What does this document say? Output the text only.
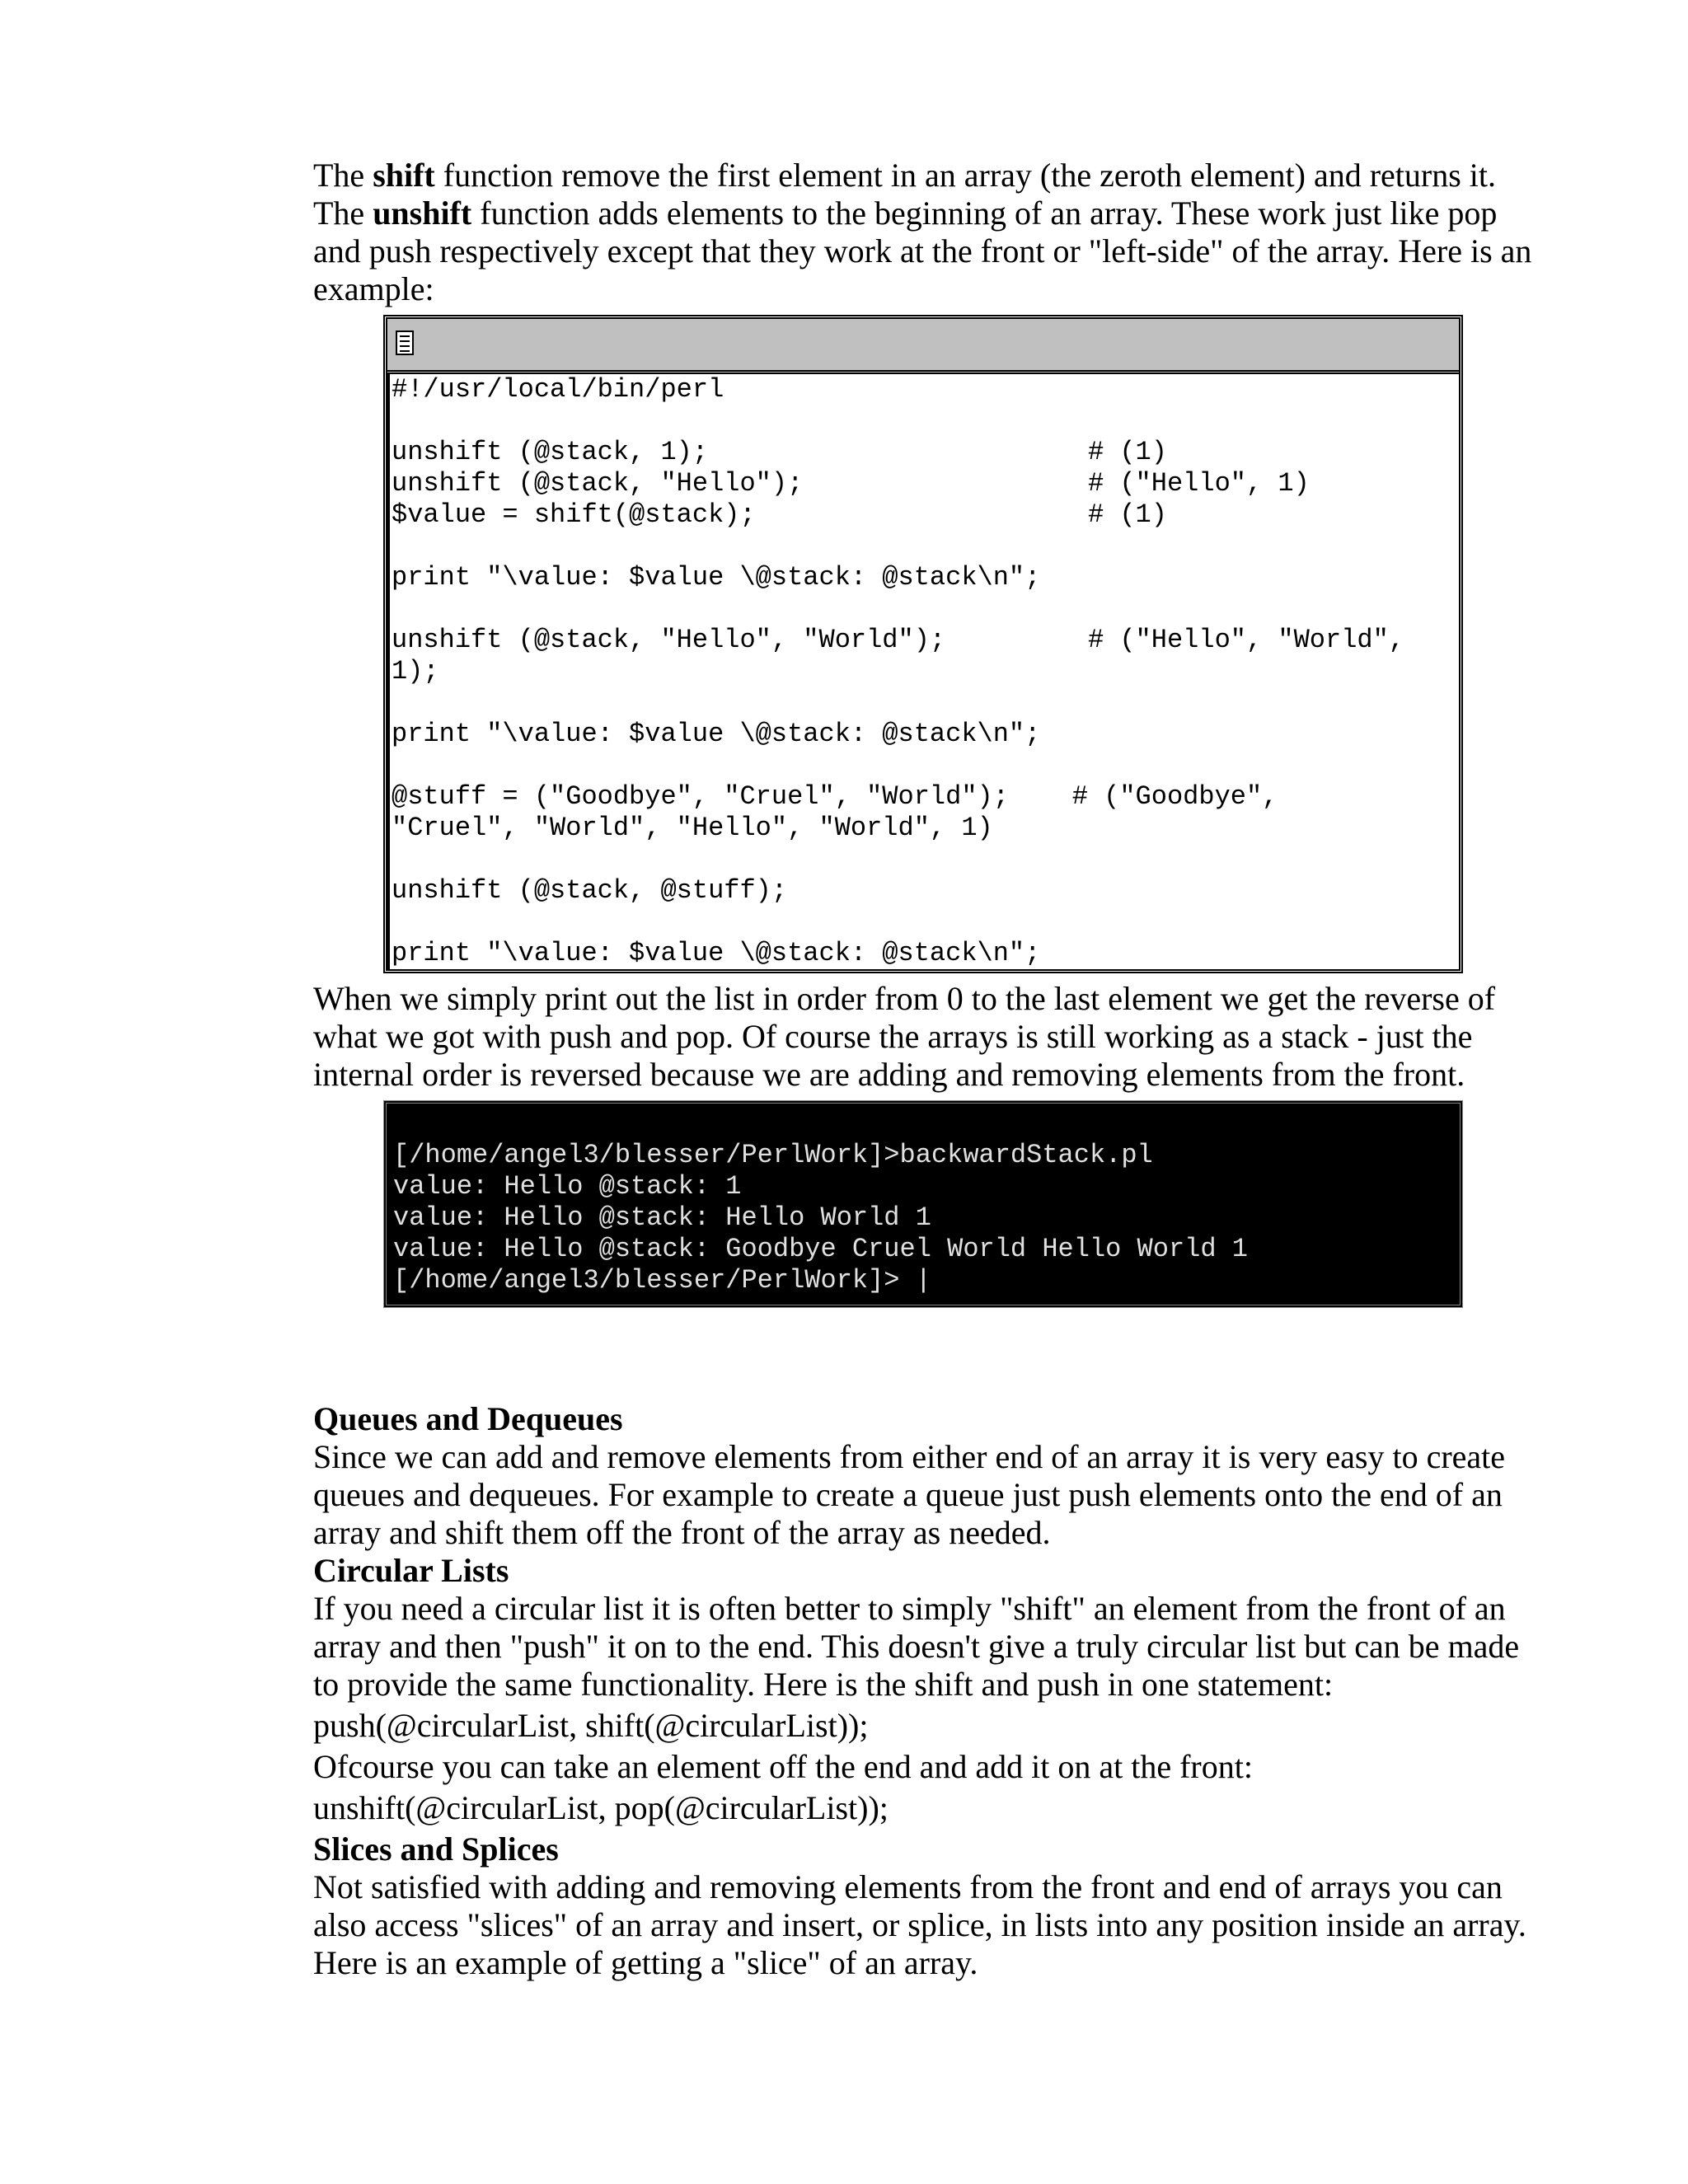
The shift function remove the first element in an array (the zeroth element) and returns it. The unshift function adds elements to the beginning of an array. These work just like pop and push respectively except that they work at the front or "left-side" of the array. Here is an example:

#!/usr/local/bin/perl
unshift (@stack, 1);                        # (1)
unshift (@stack, "Hello");                  # ("Hello", 1)
$value = shift(@stack);                     # (1)
print "\value: $value \@stack: @stack\n";
unshift (@stack, "Hello", "World");         # ("Hello", "World",
1);
print "\value: $value \@stack: @stack\n";
@stuff = ("Goodbye", "Cruel", "World");    # ("Goodbye",
"Cruel", "World", "Hello", "World", 1)
unshift (@stack, @stuff);
print "\value: $value \@stack: @stack\n";

When we simply print out the list in order from 0 to the last element we get the reverse of what we got with push and pop. Of course the arrays is still working as a stack - just the internal order is reversed because we are adding and removing elements from the front.

[/home/angel3/blesser/PerlWork]>backwardStack.pl
value: Hello @stack: 1
value: Hello @stack: Hello World 1
value: Hello @stack: Goodbye Cruel World Hello World 1
[/home/angel3/blesser/PerlWork]> |

Queues and Dequeues

Since we can add and remove elements from either end of an array it is very easy to create queues and dequeues. For example to create a queue just push elements onto the end of an array and shift them off the front of the array as needed.

Circular Lists

If you need a circular list it is often better to simply "shift" an element from the front of an array and then "push" it on to the end. This doesn't give a truly circular list but can be made to provide the same functionality. Here is the shift and push in one statement:

push(@circularList, shift(@circularList));

Ofcourse you can take an element off the end and add it on at the front:

unshift(@circularList, pop(@circularList));

Slices and Splices

Not satisfied with adding and removing elements from the front and end of arrays you can also access "slices" of an array and insert, or splice, in lists into any position inside an array. Here is an example of getting a "slice" of an array.
